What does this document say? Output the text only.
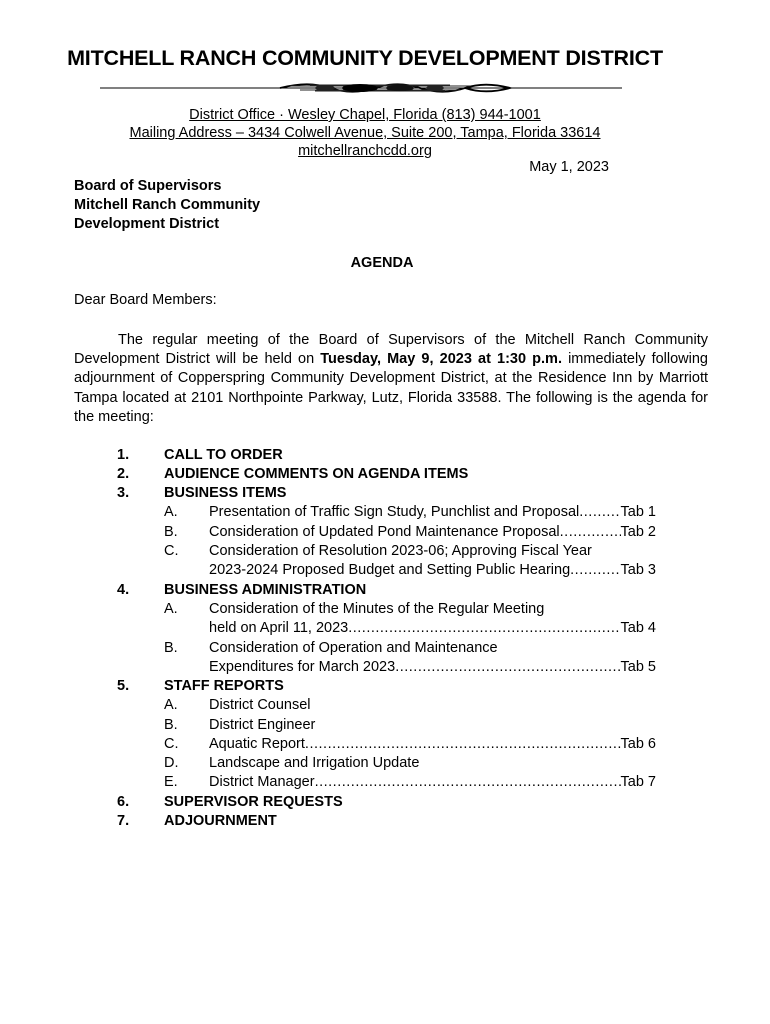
MITCHELL RANCH COMMUNITY DEVELOPMENT DISTRICT
District Office · Wesley Chapel, Florida (813) 944-1001
Mailing Address – 3434 Colwell Avenue, Suite 200, Tampa, Florida 33614
mitchellranchcdd.org
May 1, 2023
Board of Supervisors
Mitchell Ranch Community
Development District
AGENDA
Dear Board Members:
The regular meeting of the Board of Supervisors of the Mitchell Ranch Community Development District will be held on Tuesday, May 9, 2023 at 1:30 p.m. immediately following adjournment of Copperspring Community Development District, at the Residence Inn by Marriott Tampa located at 2101 Northpointe Parkway, Lutz, Florida 33588. The following is the agenda for the meeting:
1. CALL TO ORDER
2. AUDIENCE COMMENTS ON AGENDA ITEMS
3. BUSINESS ITEMS
A. Presentation of Traffic Sign Study, Punchlist and Proposal .....	Tab 1
B. Consideration of Updated Pond Maintenance Proposal .....	Tab 2
C. Consideration of Resolution 2023-06; Approving Fiscal Year
2023-2024 Proposed Budget and Setting Public Hearing .....	Tab 3
4. BUSINESS ADMINISTRATION
A. Consideration of the Minutes of the Regular Meeting
held on April 11, 2023 .....	Tab 4
B. Consideration of Operation and Maintenance
Expenditures for March 2023 .....	Tab 5
5. STAFF REPORTS
A. District Counsel
B. District Engineer
C. Aquatic Report .....	Tab 6
D. Landscape and Irrigation Update
E. District Manager .....	Tab 7
6. SUPERVISOR REQUESTS
7. ADJOURNMENT
